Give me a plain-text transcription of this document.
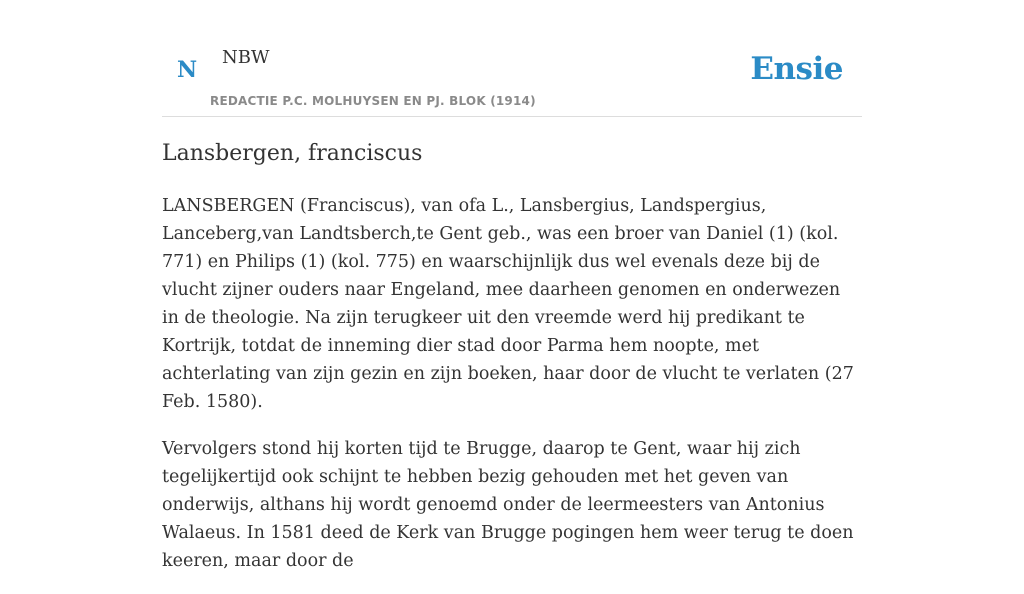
N NBW
REDACTIE P.C. MOLHUYSEN EN PJ. BLOK (1914)
Ensie
Lansbergen, franciscus

LANSBERGEN (Franciscus), van ofa L., Lansbergius, Landspergius, Lanceberg,van Landtsberch,te Gent geb., was een broer van Daniel (1) (kol. 771) en Philips (1) (kol. 775) en waarschijnlijk dus wel evenals deze bij de vlucht zijner ouders naar Engeland, mee daarheen genomen en onderwezen in de theologie. Na zijn terugkeer uit den vreemde werd hij predikant te Kortrijk, totdat de inneming dier stad door Parma hem noopte, met achterlating van zijn gezin en zijn boeken, haar door de vlucht te verlaten (27 Feb. 1580).

Vervolgers stond hij korten tijd te Brugge, daarop te Gent, waar hij zich tegelijkertijd ook schijnt te hebben bezig gehouden met het geven van onderwijs, althans hij wordt genoemd onder de leermeesters van Antonius Walaeus. In 1581 deed de Kerk van Brugge pogingen hem weer terug te doen keeren, maar door de
